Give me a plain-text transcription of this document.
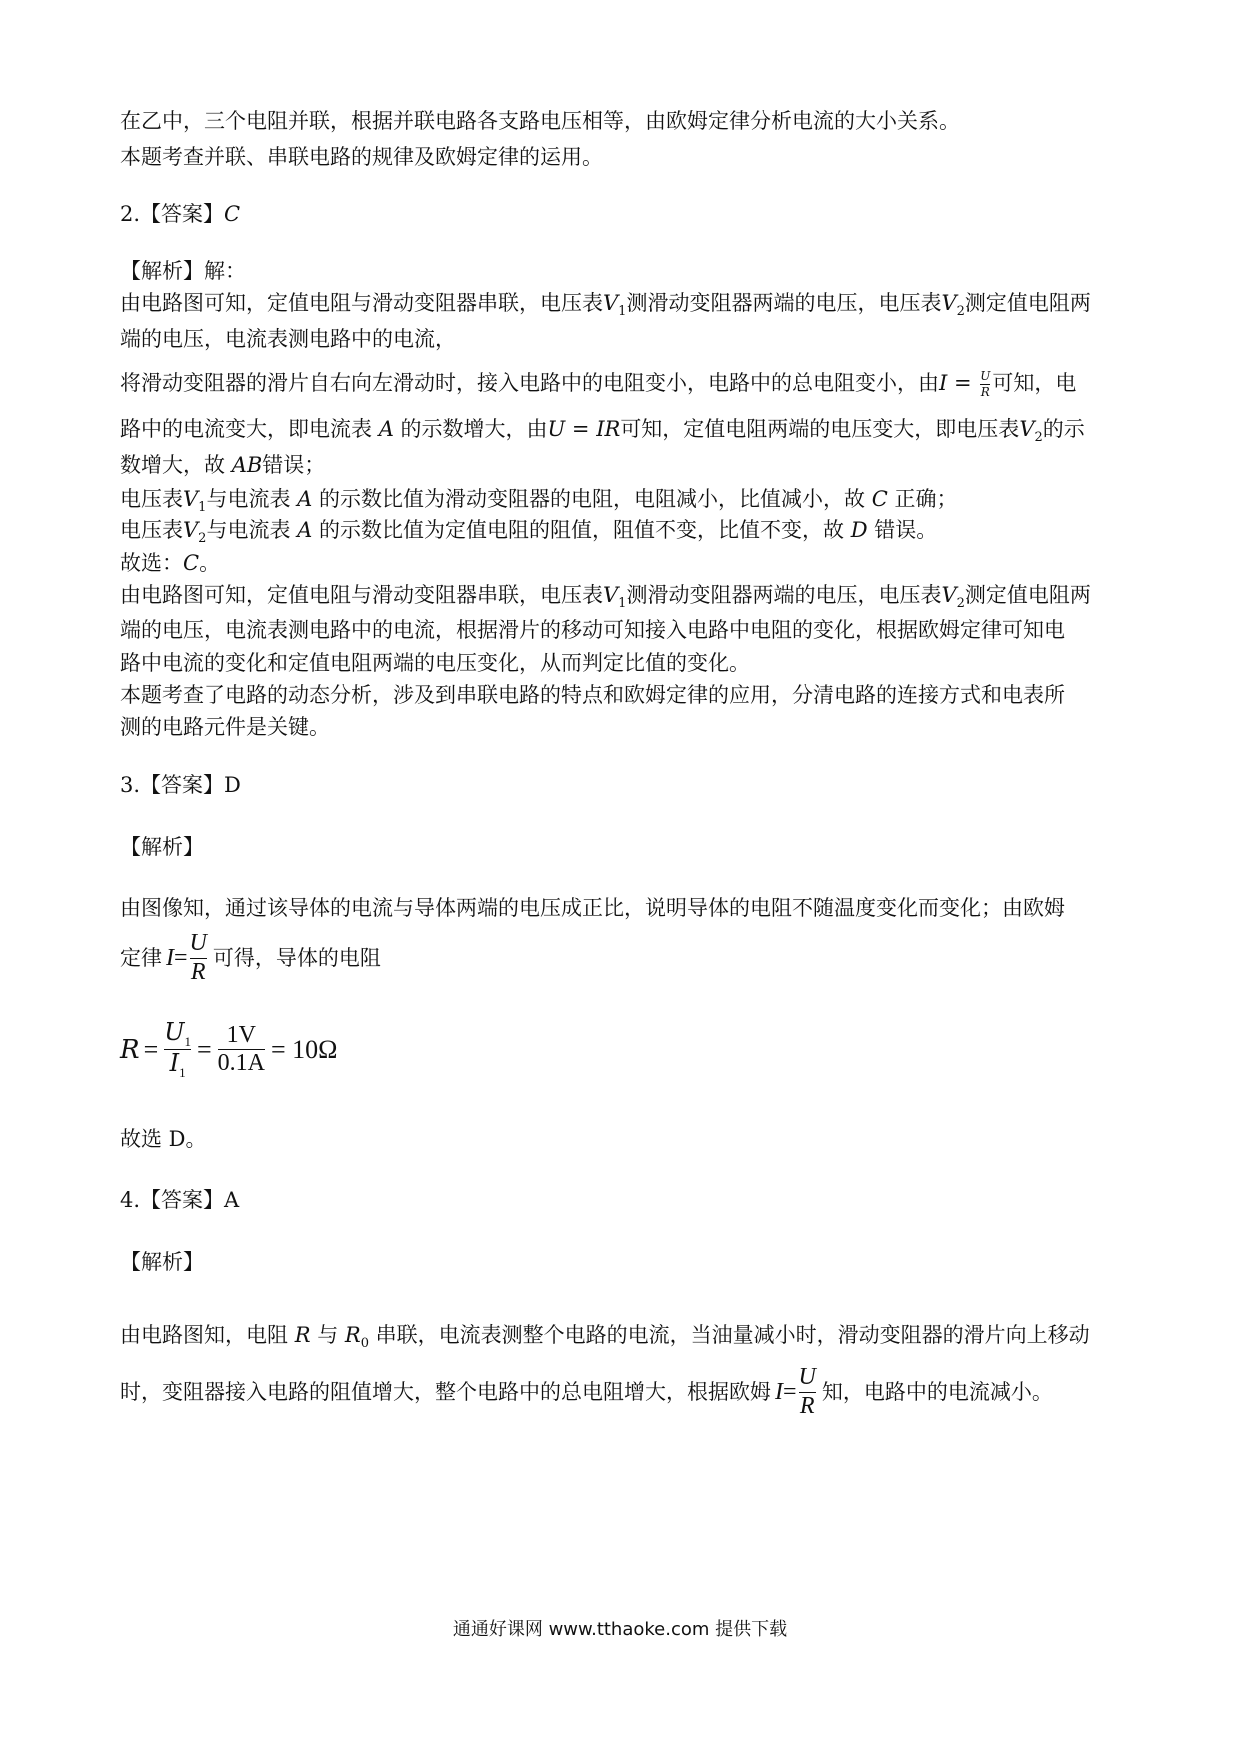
在乙中，三个电阻并联，根据并联电路各支路电压相等，由欧姆定律分析电流的大小关系。
本题考查并联、串联电路的规律及欧姆定律的运用。
2.【答案】C
【解析】解：
由电路图可知，定值电阻与滑动变阻器串联，电压表$V_1$测滑动变阻器两端的电压，电压表$V_2$测定值电阻两
端的电压，电流表测电路中的电流，
将滑动变阻器的滑片自右向左滑动时，接入电路中的电阻变小，电路中的总电阻变小，由$I = \frac{U}{R}$ 可知，电
路中的电流变大，即电流表 A 的示数增大，由U = IR可知，定值电阻两端的电压变大，即电压表$V_2$的示
数增大，故 AB错误；
电压表$V_1$与电流表 A 的示数比值为滑动变阻器的电阻，电阻减小，比值减小，故 C 正确；
电压表$V_2$与电流表 A 的示数比值为定值电阻的阻值，阻值不变，比值不变，故 D 错误。
故选：C。
由电路图可知，定值电阻与滑动变阻器串联，电压表$V_1$测滑动变阻器两端的电压，电压表$V_2$测定值电阻两
端的电压，电流表测电路中的电流，根据滑片的移动可知接入电路中电阻的变化，根据欧姆定律可知电
路中电流的变化和定值电阻两端的电压变化，从而判定比值的变化。
本题考查了电路的动态分析，涉及到串联电路的特点和欧姆定律的应用，分清电路的连接方式和电表所
测的电路元件是关键。
3.【答案】D
【解析】
由图像知，通过该导体的电流与导体两端的电压成正比，说明导体的电阻不随温度变化而变化；由欧姆
定律 $I = \frac{U}{R}$ 可得，导体的电阻
$R = \frac{U_1}{I_1} = \frac{1V}{0.1A} = 10\Omega$
故选 D。
4.【答案】A
【解析】
由电路图知，电阻 R 与 $R_0$ 串联，电流表测整个电路的电流，当油量减小时，滑动变阻器的滑片向上移动
时，变阻器接入电路的阻值增大，整个电路中的总电阻增大，根据欧姆 $I = \frac{U}{R}$ 知，电路中的电流减小。
通通好课网 www.tthaoke.com 提供下载
